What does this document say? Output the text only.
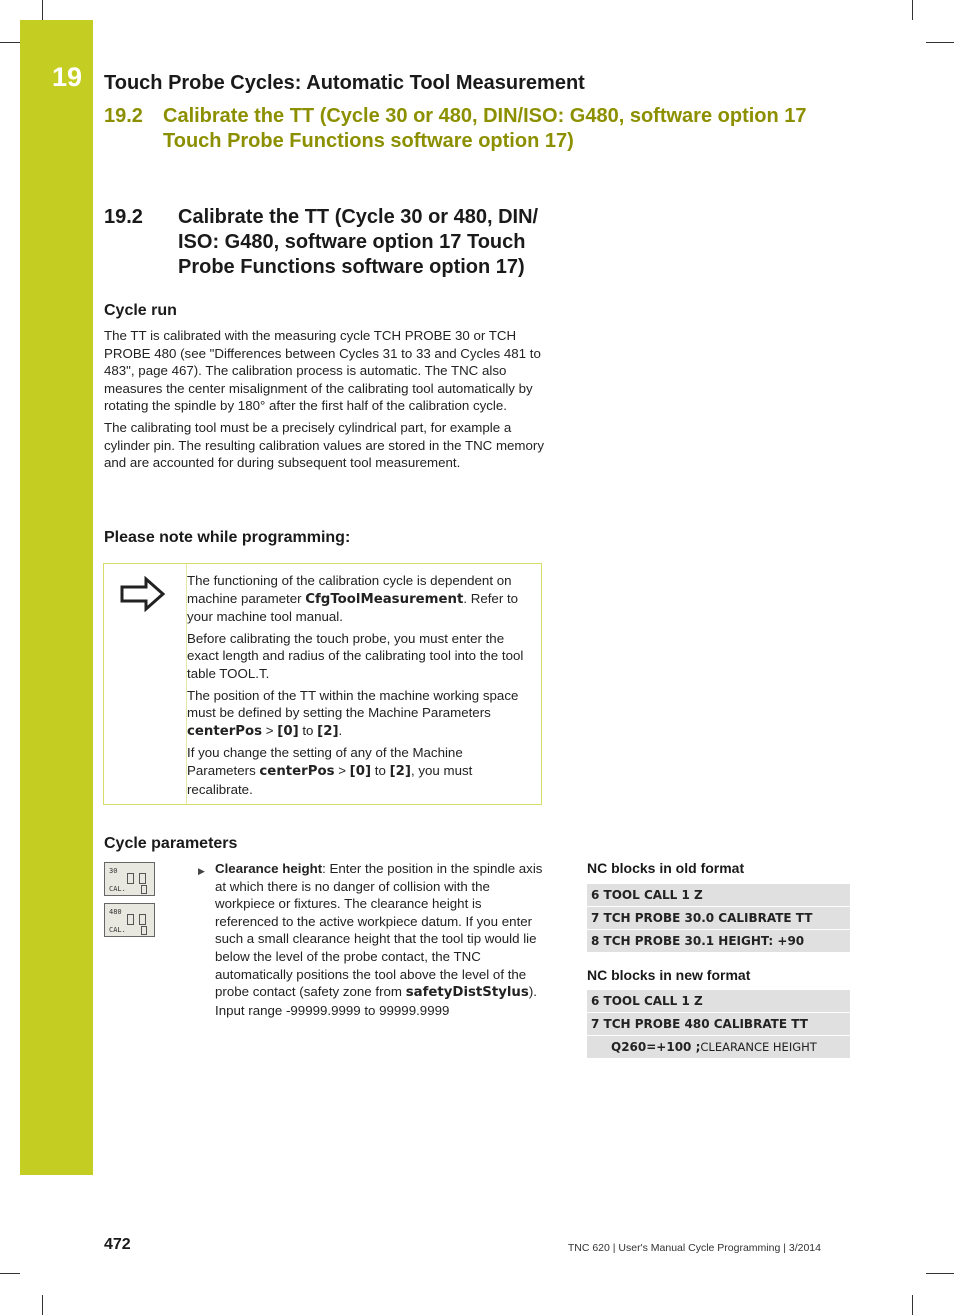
19 Touch Probe Cycles: Automatic Tool Measurement
19.2 Calibrate the TT (Cycle 30 or 480, DIN/ISO: G480, software option 17 Touch Probe Functions software option 17)
19.2 Calibrate the TT (Cycle 30 or 480, DIN/ ISO: G480, software option 17 Touch Probe Functions software option 17)
Cycle run

The TT is calibrated with the measuring cycle TCH PROBE 30 or TCH PROBE 480 (see "Differences between Cycles 31 to 33 and Cycles 481 to 483", page 467). The calibration process is automatic. The TNC also measures the center misalignment of the calibrating tool automatically by rotating the spindle by 180° after the first half of the calibration cycle.

The calibrating tool must be a precisely cylindrical part, for example a cylinder pin. The resulting calibration values are stored in the TNC memory and are accounted for during subsequent tool measurement.

Please note while programming:

The functioning of the calibration cycle is dependent on machine parameter CfgToolMeasurement. Refer to your machine tool manual.

Before calibrating the touch probe, you must enter the exact length and radius of the calibrating tool into the tool table TOOL.T.

The position of the TT within the machine working space must be defined by setting the Machine Parameters centerPos > [0] to [2].

If you change the setting of any of the Machine Parameters centerPos > [0] to [2], you must recalibrate.

Cycle parameters
30
CAL.
480
CAL.
▶ Clearance height: Enter the position in the spindle axis at which there is no danger of collision with the workpiece or fixtures. The clearance height is referenced to the active workpiece datum. If you enter such a small clearance height that the tool tip would lie below the level of the probe contact, the TNC automatically positions the tool above the level of the probe contact (safety zone from safetyDistStylus). Input range -99999.9999 to 99999.9999
NC blocks in old format
6 TOOL CALL 1 Z
7 TCH PROBE 30.0 CALIBRATE TT
8 TCH PROBE 30.1 HEIGHT: +90
NC blocks in new format
6 TOOL CALL 1 Z
7 TCH PROBE 480 CALIBRATE TT
Q260=+100 ;CLEARANCE HEIGHT
472	TNC 620 | User's Manual Cycle Programming | 3/2014
